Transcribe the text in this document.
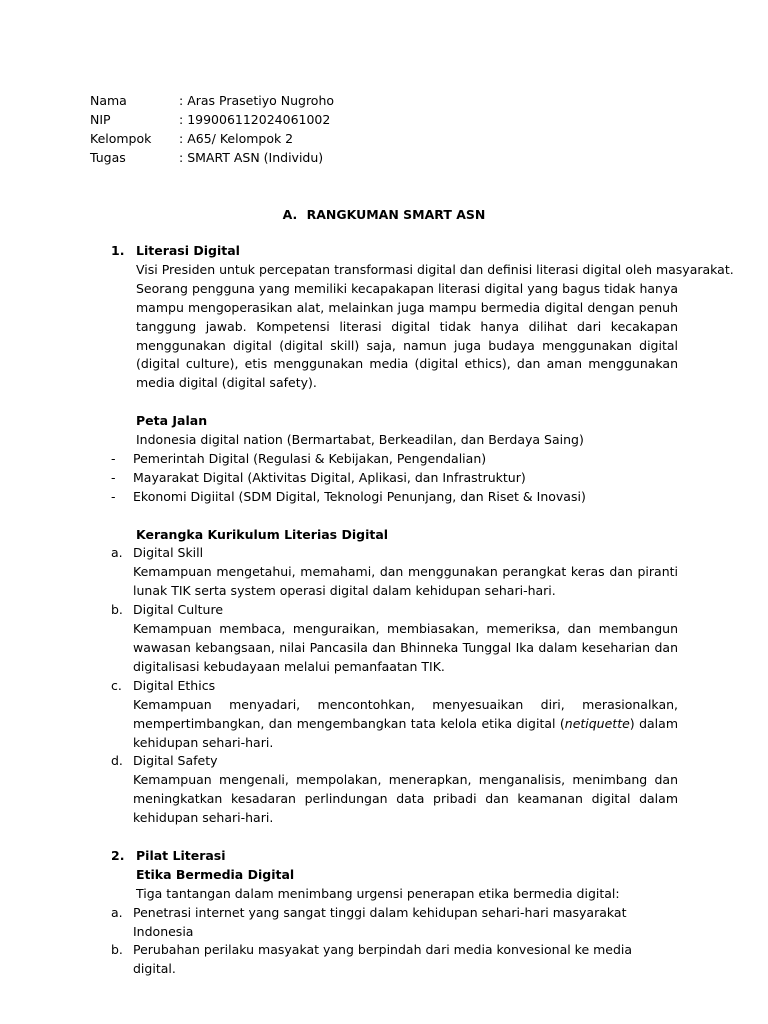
Nama	: Aras Prasetiyo Nugroho
NIP	: 199006112024061002
Kelompok	: A65/ Kelompok 2
Tugas	: SMART ASN (Individu)
A. RANGKUMAN SMART ASN
1. Literasi Digital
Visi Presiden untuk percepatan transformasi digital dan definisi literasi digital oleh masyarakat.
Seorang pengguna yang memiliki kecapakapan literasi digital yang bagus tidak hanya mampu mengoperasikan alat, melainkan juga mampu bermedia digital dengan penuh tanggung jawab. Kompetensi literasi digital tidak hanya dilihat dari kecakapan menggunakan digital (digital skill) saja, namun juga budaya menggunakan digital (digital culture), etis menggunakan media (digital ethics), dan aman menggunakan media digital (digital safety).
Peta Jalan
Indonesia digital nation (Bermartabat, Berkeadilan, dan Berdaya Saing)
- Pemerintah Digital (Regulasi & Kebijakan, Pengendalian)
- Mayarakat Digital (Aktivitas Digital, Aplikasi, dan Infrastruktur)
- Ekonomi Digiital (SDM Digital, Teknologi Penunjang, dan Riset & Inovasi)
Kerangka Kurikulum Literias Digital
a. Digital Skill
Kemampuan mengetahui, memahami, dan menggunakan perangkat keras dan piranti lunak TIK serta system operasi digital dalam kehidupan sehari-hari.
b. Digital Culture
Kemampuan membaca, menguraikan, membiasakan, memeriksa, dan membangun wawasan kebangsaan, nilai Pancasila dan Bhinneka Tunggal Ika dalam keseharian dan digitalisasi kebudayaan melalui pemanfaatan TIK.
c. Digital Ethics
Kemampuan menyadari, mencontohkan, menyesuaikan diri, merasionalkan,
mempertimbangkan, dan mengembangkan tata kelola etika digital (netiquette) dalam
kehidupan sehari-hari.
d. Digital Safety
Kemampuan mengenali, mempolakan, menerapkan, menganalisis, menimbang dan meningkatkan kesadaran perlindungan data pribadi dan keamanan digital dalam kehidupan sehari-hari.
2. Pilat Literasi
Etika Bermedia Digital
Tiga tantangan dalam menimbang urgensi penerapan etika bermedia digital:
a. Penetrasi internet yang sangat tinggi dalam kehidupan sehari-hari masyarakat Indonesia
b. Perubahan perilaku masyakat yang berpindah dari media konvesional ke media digital.
